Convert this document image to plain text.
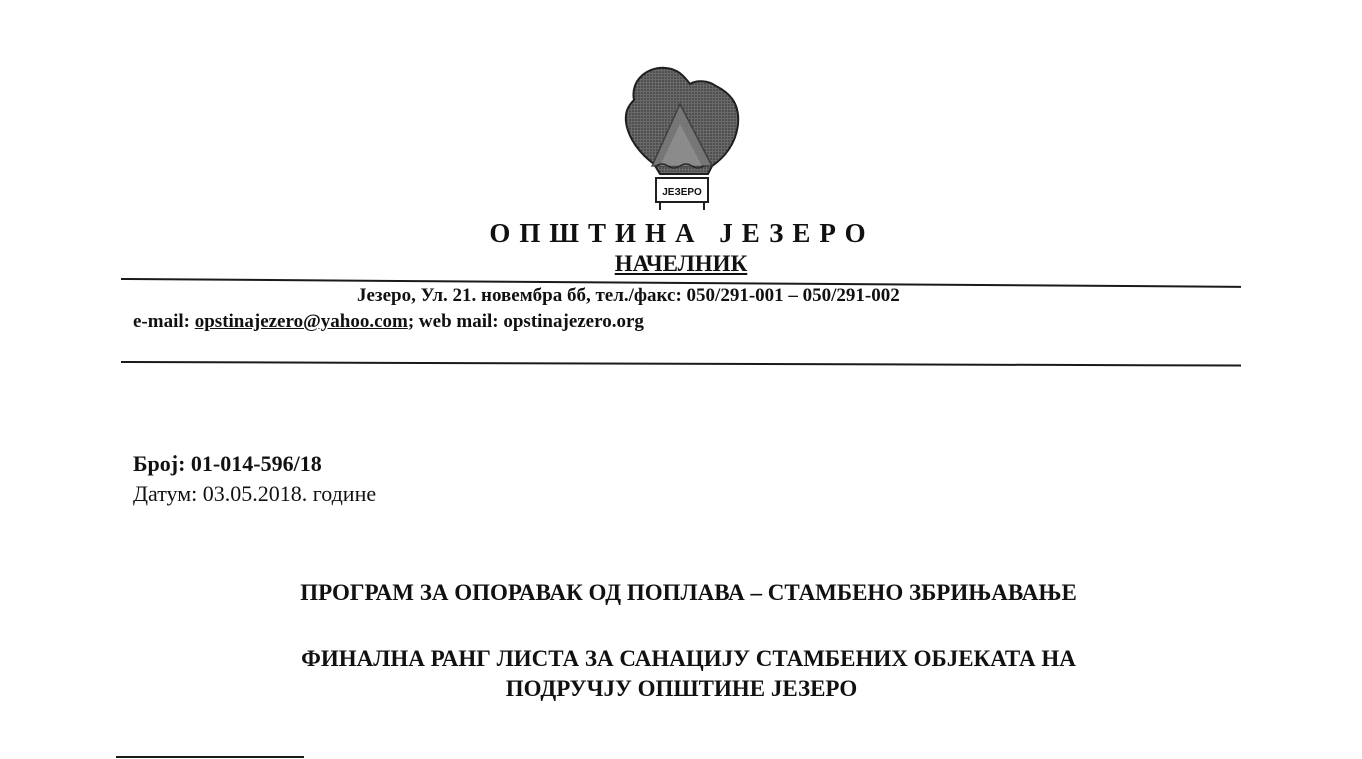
ЈЕЗЕРО
ОПШТИНА ЈЕЗЕРО
НАЧЕЛНИК
Језеро, Ул. 21. новембра бб, тел./факс: 050/291-001 – 050/291-002
e-mail: opstinajezero@yahoo.com; web mail: opstinajezero.org
Број: 01-014-596/18
Датум: 03.05.2018. године
ПРОГРАМ ЗА ОПОРАВАК ОД ПОПЛАВА – СТАМБЕНО ЗБРИЊАВАЊЕ
ФИНАЛНА РАНГ ЛИСТА ЗА САНАЦИЈУ СТАМБЕНИХ ОБЈЕКАТА НА
ПОДРУЧЈУ ОПШТИНЕ ЈЕЗЕРО
